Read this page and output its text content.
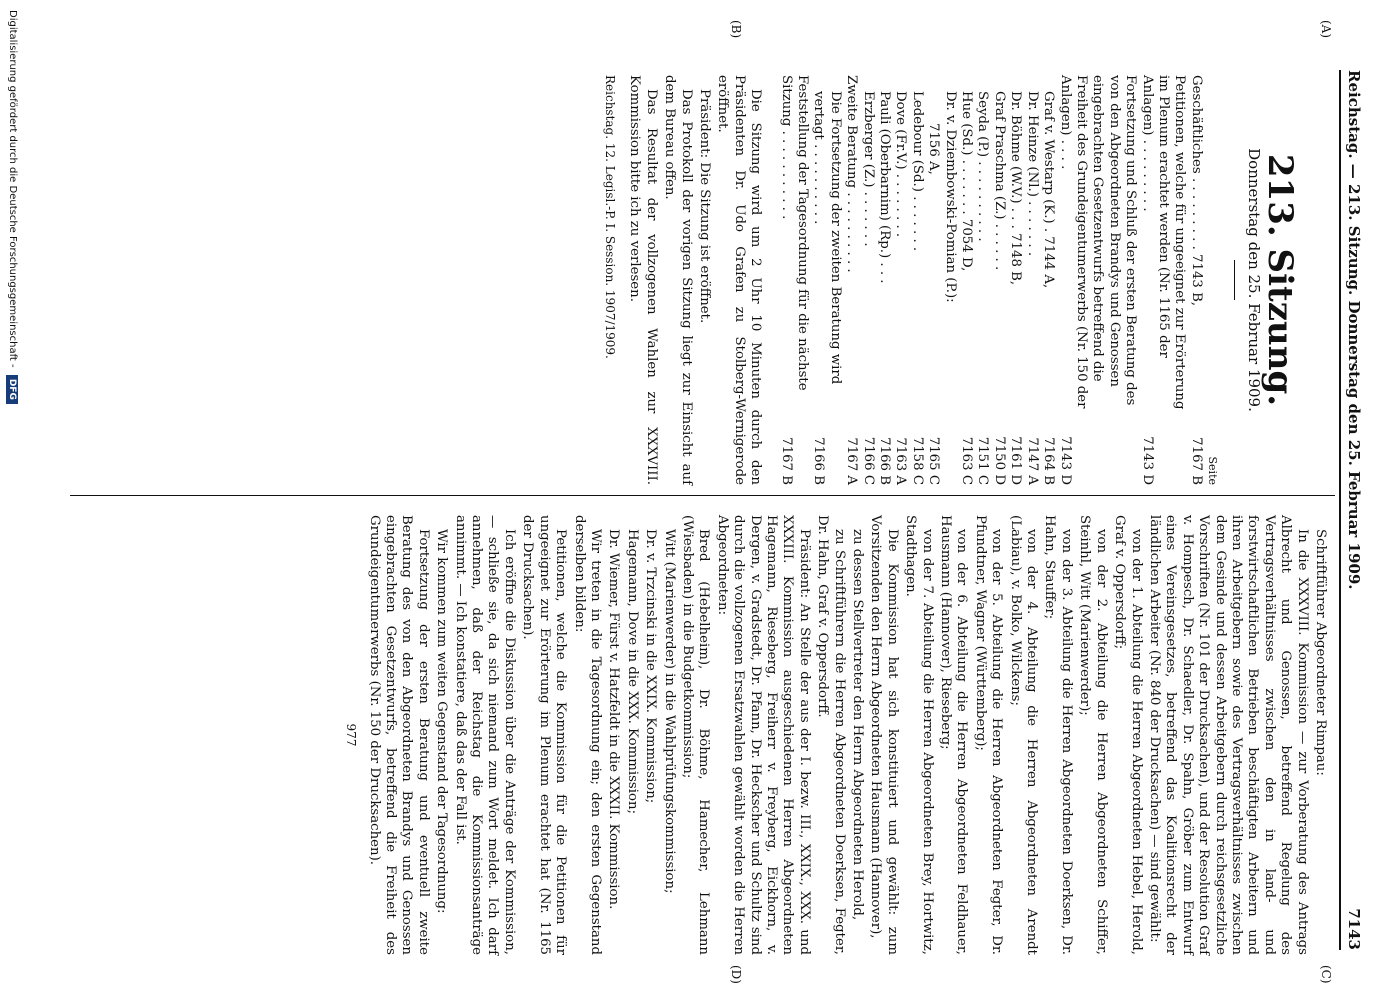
Reichstag. — 213. Sitzung. Donnerstag den 25. Februar 1909.
7143
(A)
(B)
(C)
(D)
213. Sitzung.
Donnerstag den 25. Februar 1909.
Seite
Geschäftliches . . . . . . . . . 7143 B,	7167 B
Petitionen, welche für ungeeignet zur Erörterung im Plenum erachtet werden (Nr. 1165 der Anlagen) . . . . . . . . .	7143 D
Fortsetzung und Schluß der ersten Beratung des von den Abgeordneten Brandys und Genossen eingebrachten Gesetzentwurfs betreffend die Freiheit des Grundeigentumerwerbs (Nr. 150 der Anlagen) . . . .	7143 D
Graf v. Westarp (K.) . 7144 A,	7164 B
Dr. Heinze (Nl.) . . . . . . .	7147 A
Dr. Böhme (W.V.) . . . 7148 B,	7161 D
Graf Praschma (Z.) . . . . . .	7150 D
Seyda (P.) . . . . . . . . . .	7151 C
Hue (Sd.) . . . . . . . 7054 D,	7163 C
Dr. v. Dziembowski-Pomian (P.):	
7156 A,	7165 C
Ledebour (Sd.) . . . . . . .	7158 C
Dove (Fr.V.) . . . . . . . .	7163 A
Pauli (Oberbarnim) (Rp.) . . .	7166 B
Erzberger (Z.) . . . . . . .	7166 C
Zweite Beratung . . . . . . . . . .	7167 A
Die Fortsetzung der zweiten Beratung wird vertagt . . . . . . . . . .	7166 B
Feststellung der Tagesordnung für die nächste Sitzung . . . . . . . . . . .	7167 B

Die Sitzung wird um 2 Uhr 10 Minuten durch den Präsidenten Dr. Udo Grafen zu Stolberg-Wernigerode eröffnet.

Präsident: Die Sitzung ist eröffnet.

Das Protokoll der vorigen Sitzung liegt zur Einsicht auf dem Bureau offen.

Das Resultat der vollzogenen Wahlen zur XXXVIII. Kommission bitte ich zu verlesen.

Reichstag. 12. Legisl.-P. I. Session. 1907/1909.

Schriftführer Abgeordneter Rimpau:

In die XXXVIII. Kommission — zur Vorberatung des Antrags Albrecht und Genossen, betreffend Regelung des Vertragsverhältnisses zwischen den in land- und forstwirtschaftlichen Betrieben beschäftigten Arbeitern und ihren Arbeitgebern sowie des Vertragsverhältnisses zwischen dem Gesinde und dessen Arbeitgebern durch reichsgesetzliche Vorschriften (Nr. 101 der Drucksachen), und der Resolution Graf v. Hompesch, Dr. Schaedler, Dr. Spahn, Gröber zum Entwurf eines Vereinsgesetzes, betreffend das Koalitionsrecht der ländlichen Arbeiter (Nr. 840 der Drucksachen) — sind gewählt:

von der 1. Abteilung die Herren Abgeordneten Hebel, Herold, Graf v. Oppersdorff;

von der 2. Abteilung die Herren Abgeordneten Schiffer, Steinhl, Witt (Marienwerder);

von der 3. Abteilung die Herren Abgeordneten Doerksen, Dr. Hahn, Stauffer;

von der 4. Abteilung die Herren Abgeordneten Arendt (Labiau), v. Bolko, Wilckens;

von der 5. Abteilung die Herren Abgeordneten Fegter, Dr. Pfundtner, Wagner (Württemberg);

von der 6. Abteilung die Herren Abgeordneten Feldhauer, Hausmann (Hannover), Rieseberg;

von der 7. Abteilung die Herren Abgeordneten Brey, Hortwitz, Stadthagen.

Die Kommission hat sich konstituiert und gewählt: zum Vorsitzenden den Herrn Abgeordneten Hausmann (Hannover),

zu dessen Stellvertreter den Herrn Abgeordneten Herold,

zu Schriftführern die Herren Abgeordneten Doerksen, Fegter, Dr. Hahn, Graf v. Oppersdorff.

Präsident: An Stelle der aus der I. bezw. III., XXIX., XXX. und XXXIII. Kommission ausgeschiedenen Herren Abgeordneten Hagemann, Rieseberg, Freiherr v. Freyberg, Eickhorn, v. Dergen, v. Gradstedt, Dr. Pfann, Dr. Heckscher und Schultz sind durch die vollzogenen Ersatzwahlen gewählt worden die Herren Abgeordneten:

Bred (Hebelheim), Dr. Böhme, Hamecher, Lehmann (Wiesbaden) in die Budgetkommission;

Witt (Marienwerder) in die Wahlprüfungskommission;

Dr. v. Trzcinski in die XXIX. Kommission;

Hagemann, Dove in die XXX. Kommission;

Dr. Wiemer, Fürst v. Hatzfeldt in die XXXII. Kommission.

Wir treten in die Tagesordnung ein; den ersten Gegenstand derselben bilden:

Petitionen, welche die Kommission für die Petitionen für ungeeignet zur Erörterung im Plenum erachtet hat (Nr. 1165 der Drucksachen).

Ich eröffne die Diskussion über die Anträge der Kommission, — schließe sie, da sich niemand zum Wort meldet. Ich darf annehmen, daß der Reichstag die Kommissionsanträge annimmt. — Ich konstatiere, daß das der Fall ist.

Wir kommen zum weiten Gegenstand der Tagesordnung:

Fortsetzung der ersten Beratung und eventuell zweite Beratung des von den Abgeordneten Brandys und Genossen eingebrachten Gesetzentwurfs, betreffend die Freiheit des Grundeigentumerwerbs (Nr. 150 der Drucksachen).

977
Digitalisierung gefördert durch die Deutsche Forschungsgemeinschaft - DFG
